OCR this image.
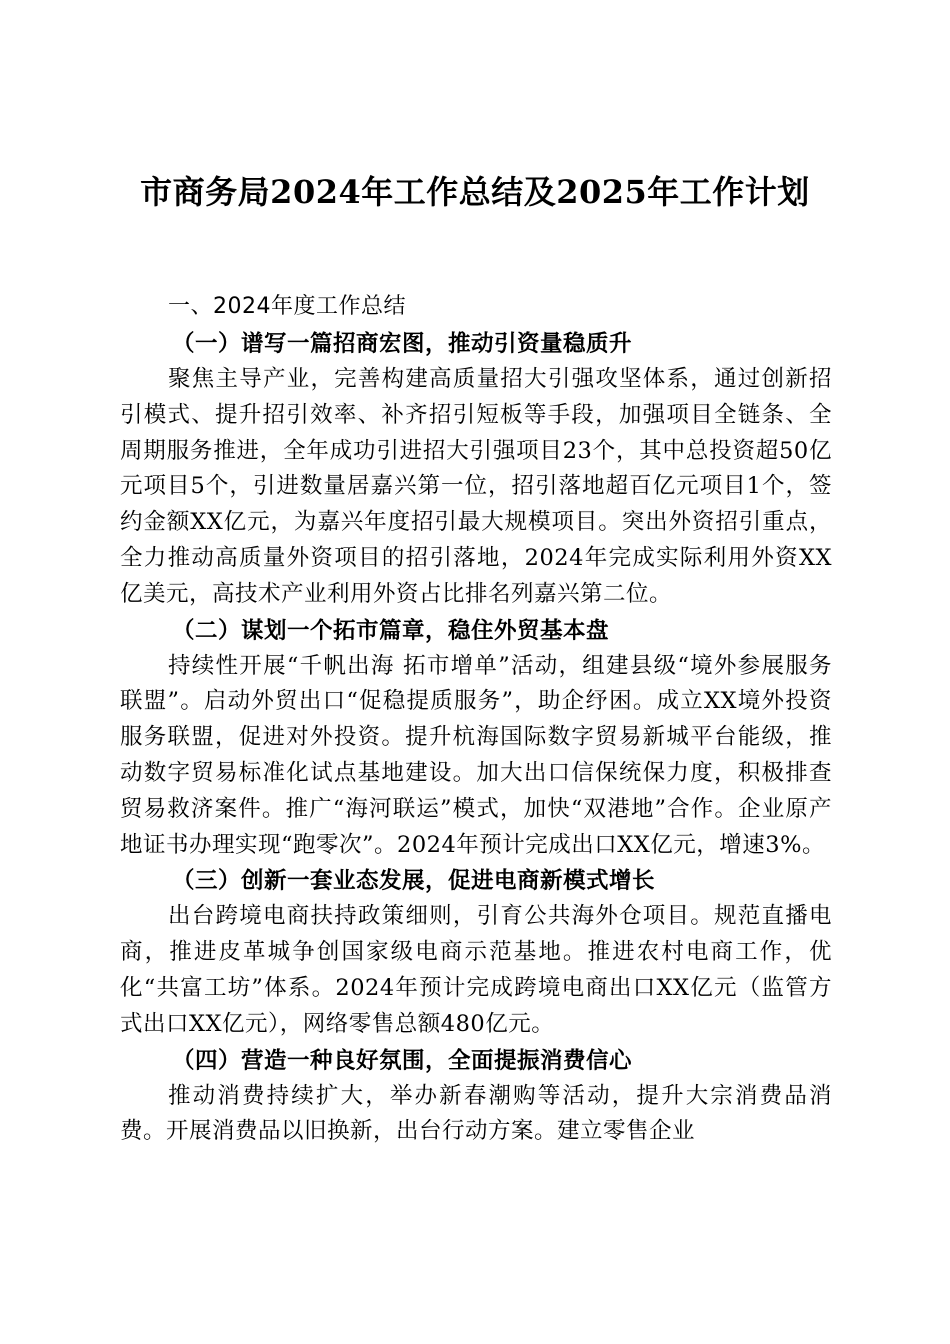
市商务局2024年工作总结及2025年工作计划

一、2024年度工作总结

（一）谱写一篇招商宏图，推动引资量稳质升

聚焦主导产业，完善构建高质量招大引强攻坚体系，通过创新招引模式、提升招引效率、补齐招引短板等手段，加强项目全链条、全周期服务推进，全年成功引进招大引强项目23个，其中总投资超50亿元项目5个，引进数量居嘉兴第一位，招引落地超百亿元项目1个，签约金额XX亿元，为嘉兴年度招引最大规模项目。突出外资招引重点，全力推动高质量外资项目的招引落地，2024年完成实际利用外资XX亿美元，高技术产业利用外资占比排名列嘉兴第二位。

（二）谋划一个拓市篇章，稳住外贸基本盘

持续性开展“千帆出海 拓市增单”活动，组建县级“境外参展服务联盟”。启动外贸出口“促稳提质服务”，助企纾困。成立XX境外投资服务联盟，促进对外投资。提升杭海国际数字贸易新城平台能级，推动数字贸易标准化试点基地建设。加大出口信保统保力度，积极排查贸易救济案件。推广“海河联运”模式，加快“双港地”合作。企业原产地证书办理实现“跑零次”。2024年预计完成出口XX亿元，增速3%。

（三）创新一套业态发展，促进电商新模式增长

出台跨境电商扶持政策细则，引育公共海外仓项目。规范直播电商，推进皮革城争创国家级电商示范基地。推进农村电商工作，优化“共富工坊”体系。2024年预计完成跨境电商出口XX亿元（监管方式出口XX亿元），网络零售总额480亿元。

（四）营造一种良好氛围，全面提振消费信心

推动消费持续扩大，举办新春潮购等活动，提升大宗消费品消费。开展消费品以旧换新，出台行动方案。建立零售企业
